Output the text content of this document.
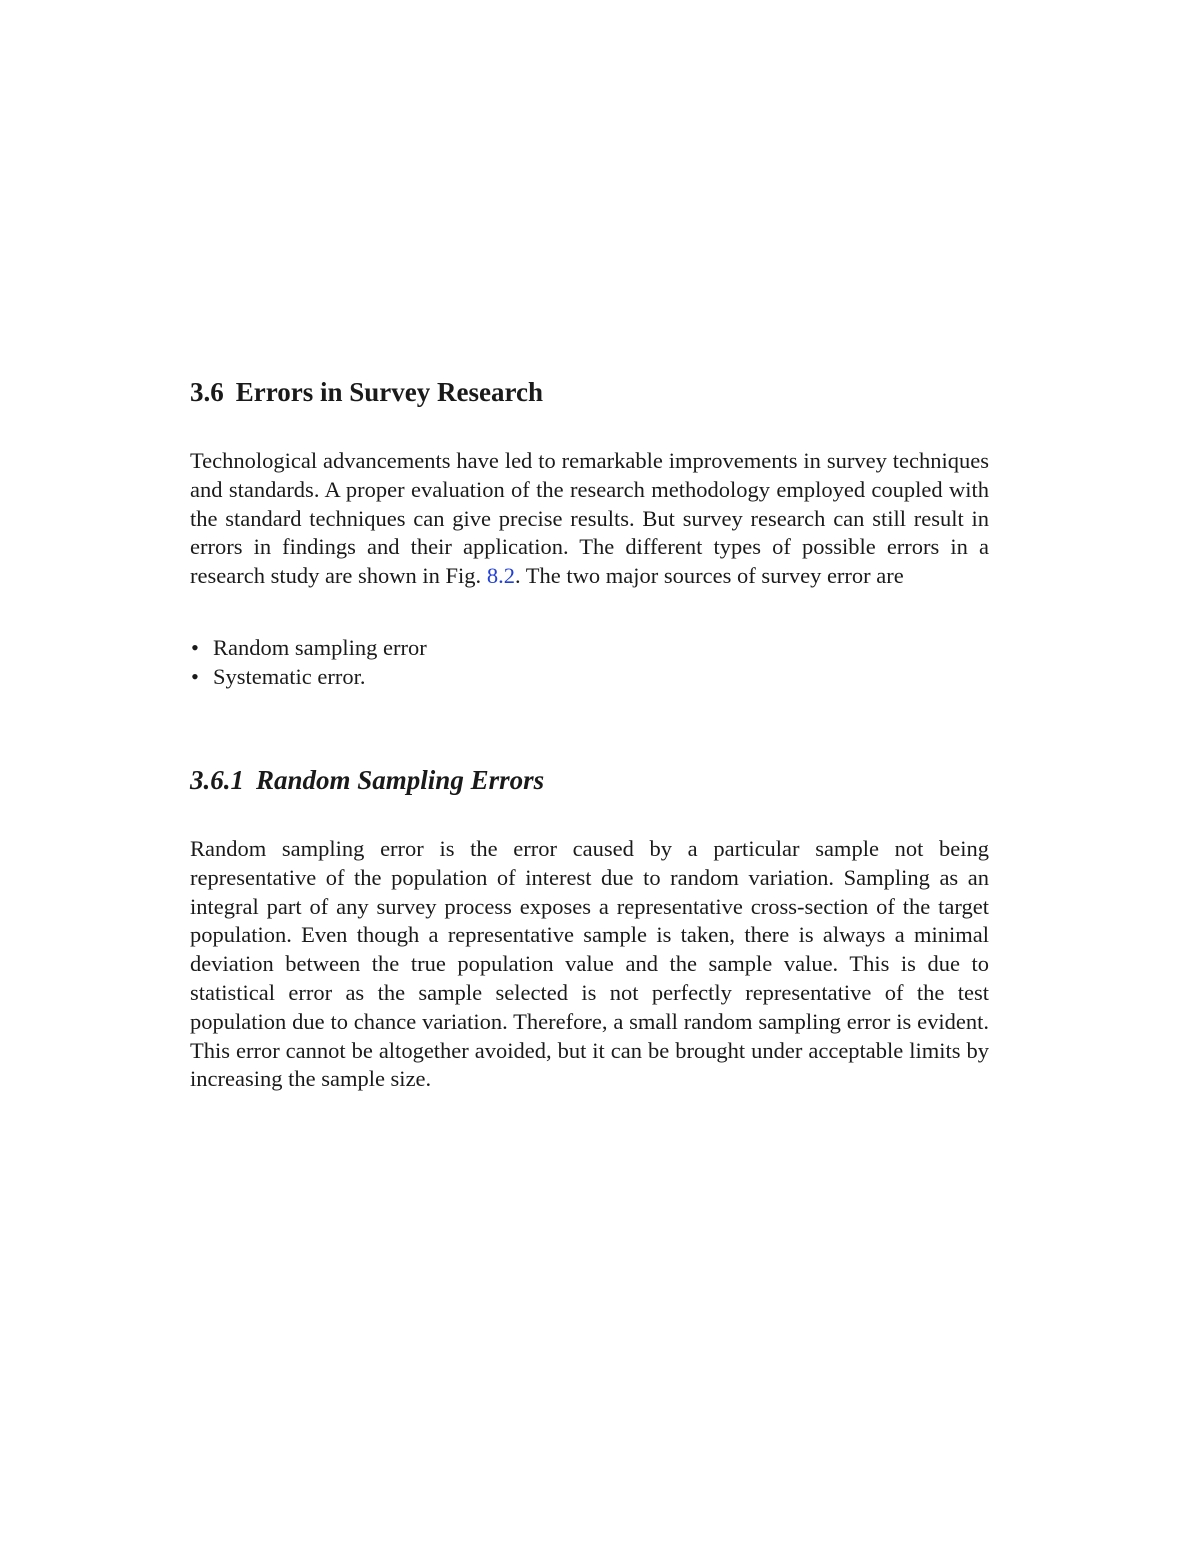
3.6 Errors in Survey Research

Technological advancements have led to remarkable improvements in survey techniques and standards. A proper evaluation of the research methodology employed coupled with the standard techniques can give precise results. But survey research can still result in errors in findings and their application. The different types of possible errors in a research study are shown in Fig. 8.2. The two major sources of survey error are

• Random sampling error
• Systematic error.
3.6.1 Random Sampling Errors

Random sampling error is the error caused by a particular sample not being representative of the population of interest due to random variation. Sampling as an integral part of any survey process exposes a representative cross-section of the target population. Even though a representative sample is taken, there is always a minimal deviation between the true population value and the sample value. This is due to statistical error as the sample selected is not perfectly representative of the test population due to chance variation. Therefore, a small random sampling error is evident. This error cannot be altogether avoided, but it can be brought under acceptable limits by increasing the sample size.
